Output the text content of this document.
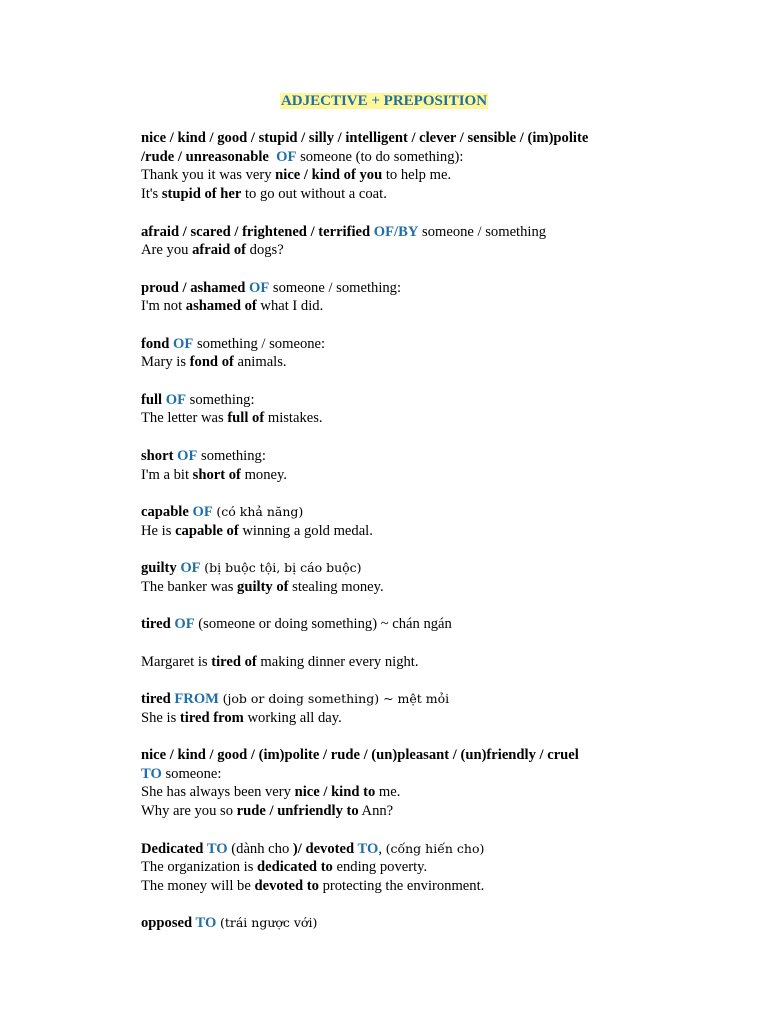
ADJECTIVE + PREPOSITION
nice / kind / good / stupid / silly / intelligent / clever / sensible / (im)polite
/rude / unreasonable  OF someone (to do something):
Thank you it was very nice / kind of you to help me.
It's stupid of her to go out without a coat.
afraid / scared / frightened / terrified OF/BY someone / something
Are you afraid of dogs?
proud / ashamed OF someone / something:
I'm not ashamed of what I did.
fond OF something / someone:
Mary is fond of animals.
full OF something:
The letter was full of mistakes.
short OF something:
I'm a bit short of money.
capable OF (có khả năng)
He is capable of winning a gold medal.
guilty OF (bị buộc tội, bị cáo buộc)
The banker was guilty of stealing money.
tired OF (someone or doing something) ~ chán ngán
Margaret is tired of making dinner every night.
tired FROM (job or doing something) ~ mệt mỏi
She is tired from working all day.
nice / kind / good / (im)polite / rude / (un)pleasant / (un)friendly / cruel
TO someone:
She has always been very nice / kind to me.
Why are you so rude / unfriendly to Ann?
Dedicated TO (dành cho )/ devoted TO, (cống hiến cho)
The organization is dedicated to ending poverty.
The money will be devoted to protecting the environment.
opposed TO (trái ngược với)
